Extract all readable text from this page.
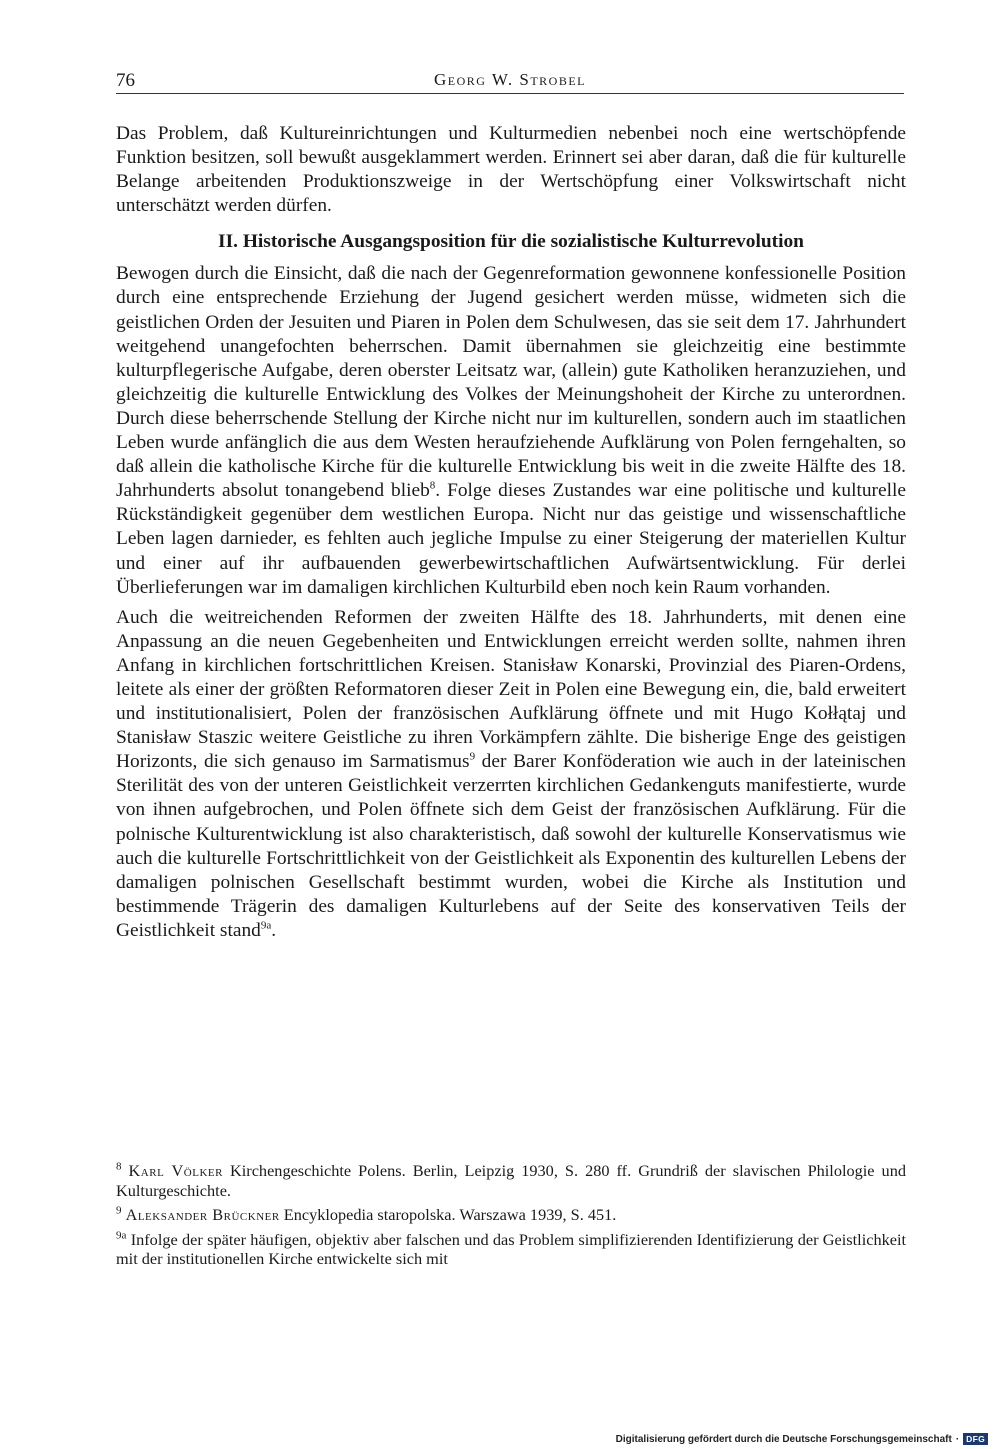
76	Georg W. Strobel

Das Problem, daß Kultureinrichtungen und Kulturmedien nebenbei noch eine wertschöpfende Funktion besitzen, soll bewußt ausgeklammert werden. Erinnert sei aber daran, daß die für kulturelle Belange arbeitenden Produktionszweige in der Wertschöpfung einer Volkswirtschaft nicht unterschätzt werden dürfen.

II. Historische Ausgangsposition für die sozialistische Kulturrevolution

Bewogen durch die Einsicht, daß die nach der Gegenreformation gewonnene konfessionelle Position durch eine entsprechende Erziehung der Jugend gesichert werden müsse, widmeten sich die geistlichen Orden der Jesuiten und Piaren in Polen dem Schulwesen, das sie seit dem 17. Jahrhundert weitgehend unangefochten beherrschen. Damit übernahmen sie gleichzeitig eine bestimmte kulturpflegerische Aufgabe, deren oberster Leitsatz war, (allein) gute Katholiken heranzuziehen, und gleichzeitig die kulturelle Entwicklung des Volkes der Meinungshoheit der Kirche zu unterordnen. Durch diese beherrschende Stellung der Kirche nicht nur im kulturellen, sondern auch im staatlichen Leben wurde anfänglich die aus dem Westen heraufziehende Aufklärung von Polen ferngehalten, so daß allein die katholische Kirche für die kulturelle Entwicklung bis weit in die zweite Hälfte des 18. Jahrhunderts absolut tonangebend blieb$^8$. Folge dieses Zustandes war eine politische und kulturelle Rückständigkeit gegenüber dem westlichen Europa. Nicht nur das geistige und wissenschaftliche Leben lagen darnieder, es fehlten auch jegliche Impulse zu einer Steigerung der materiellen Kultur und einer auf ihr aufbauenden gewerbewirtschaftlichen Aufwärtsentwicklung. Für derlei Überlieferungen war im damaligen kirchlichen Kulturbild eben noch kein Raum vorhanden.

Auch die weitreichenden Reformen der zweiten Hälfte des 18. Jahrhunderts, mit denen eine Anpassung an die neuen Gegebenheiten und Entwicklungen erreicht werden sollte, nahmen ihren Anfang in kirchlichen fortschrittlichen Kreisen. Stanisław Konarski, Provinzial des Piaren-Ordens, leitete als einer der größten Reformatoren dieser Zeit in Polen eine Bewegung ein, die, bald erweitert und institutionalisiert, Polen der französischen Aufklärung öffnete und mit Hugo Kołłątaj und Stanisław Staszic weitere Geistliche zu ihren Vorkämpfern zählte. Die bisherige Enge des geistigen Horizonts, die sich genauso im Sarmatismus$^9$ der Barer Konföderation wie auch in der lateinischen Sterilität des von der unteren Geistlichkeit verzerrten kirchlichen Gedankenguts manifestierte, wurde von ihnen aufgebrochen, und Polen öffnete sich dem Geist der französischen Aufklärung. Für die polnische Kulturentwicklung ist also charakteristisch, daß sowohl der kulturelle Konservatismus wie auch die kulturelle Fortschrittlichkeit von der Geistlichkeit als Exponentin des kulturellen Lebens der damaligen polnischen Gesellschaft bestimmt wurden, wobei die Kirche als Institution und bestimmende Trägerin des damaligen Kulturlebens auf der Seite des konservativen Teils der Geistlichkeit stand$^{9a}$.

$^8$ Karl Völker Kirchengeschichte Polens. Berlin, Leipzig 1930, S. 280 ff. Grundriß der slavischen Philologie und Kulturgeschichte.

$^9$ Aleksander Brückner Encyklopedia staropolska. Warszawa 1939, S. 451.

$^{9a}$ Infolge der später häufigen, objektiv aber falschen und das Problem simplifizierenden Identifizierung der Geistlichkeit mit der institutionellen Kirche entwickelte sich mit

Digitalisierung gefördert durch die Deutsche Forschungsgemeinschaft · DFG
